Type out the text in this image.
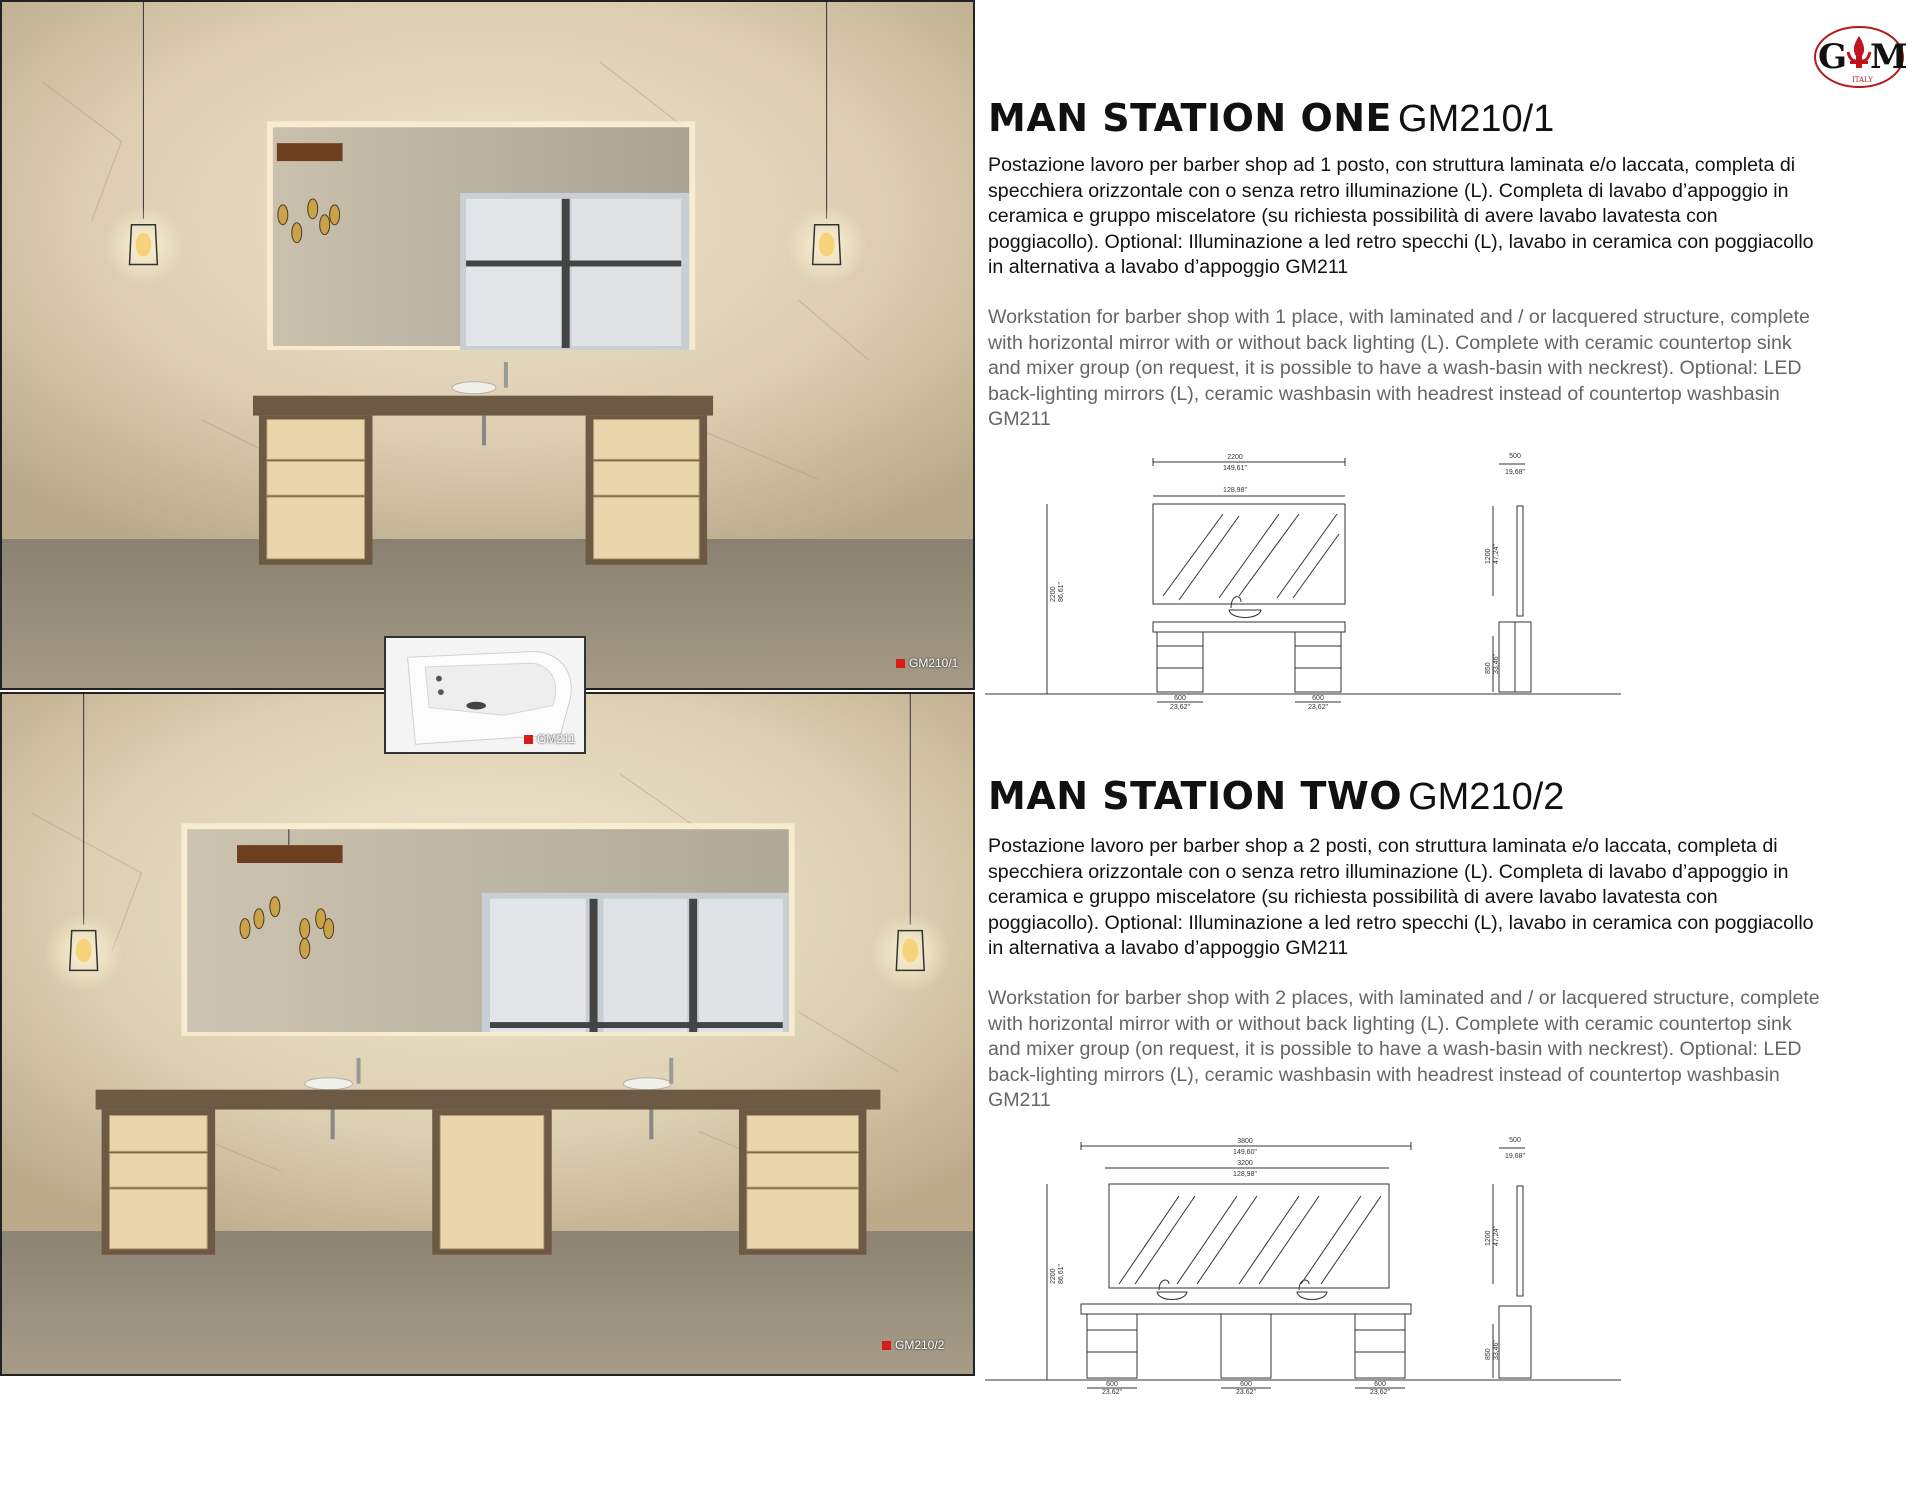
G M
ITALY
GM210/1
GM210/2
GM211
MAN STATION ONE GM210/1
Postazione lavoro per barber shop ad 1 posto, con struttura laminata e/o laccata, completa di specchiera orizzontale con o senza retro illuminazione (L). Completa di lavabo d’appoggio in ceramica e gruppo miscelatore (su richiesta possibilità di avere lavabo lavatesta con poggiacollo). Optional: Illuminazione a led retro specchi (L), lavabo in ceramica con poggiacollo in alternativa a lavabo d’appoggio GM211
Workstation for barber shop with 1 place, with laminated and / or lacquered structure, complete with horizontal mirror with or without back lighting (L). Complete with ceramic countertop sink and mixer group (on request, it is possible to have a wash-basin with neckrest). Optional: LED back-lighting mirrors (L), ceramic washbasin with headrest instead of countertop washbasin GM211
2200
149,61"
128,98"
2200 86,61"
1200 47,24"
850 33,46"
500
19,68"
600
23,62"
600
23,62"
MAN STATION TWO GM210/2
Postazione lavoro per barber shop a 2 posti, con struttura laminata e/o laccata, completa di specchiera orizzontale con o senza retro illuminazione (L). Completa di lavabo d’appoggio in ceramica e gruppo miscelatore (su richiesta possibilità di avere lavabo lavatesta con poggiacollo). Optional: Illuminazione a led retro specchi (L), lavabo in ceramica con poggiacollo in alternativa a lavabo d’appoggio GM211
Workstation for barber shop with 2 places, with laminated and / or lacquered structure, complete with horizontal mirror with or without back lighting (L). Complete with ceramic countertop sink and mixer group (on request, it is possible to have a wash-basin with neckrest). Optional: LED back-lighting mirrors (L), ceramic washbasin with headrest instead of countertop washbasin GM211
3800
149,60"
3200
128,98"
2200 86,61"
1200 47,24"
850 33,46"
500
19,68"
600
23,62"
600
23,62"
600
23,62"
